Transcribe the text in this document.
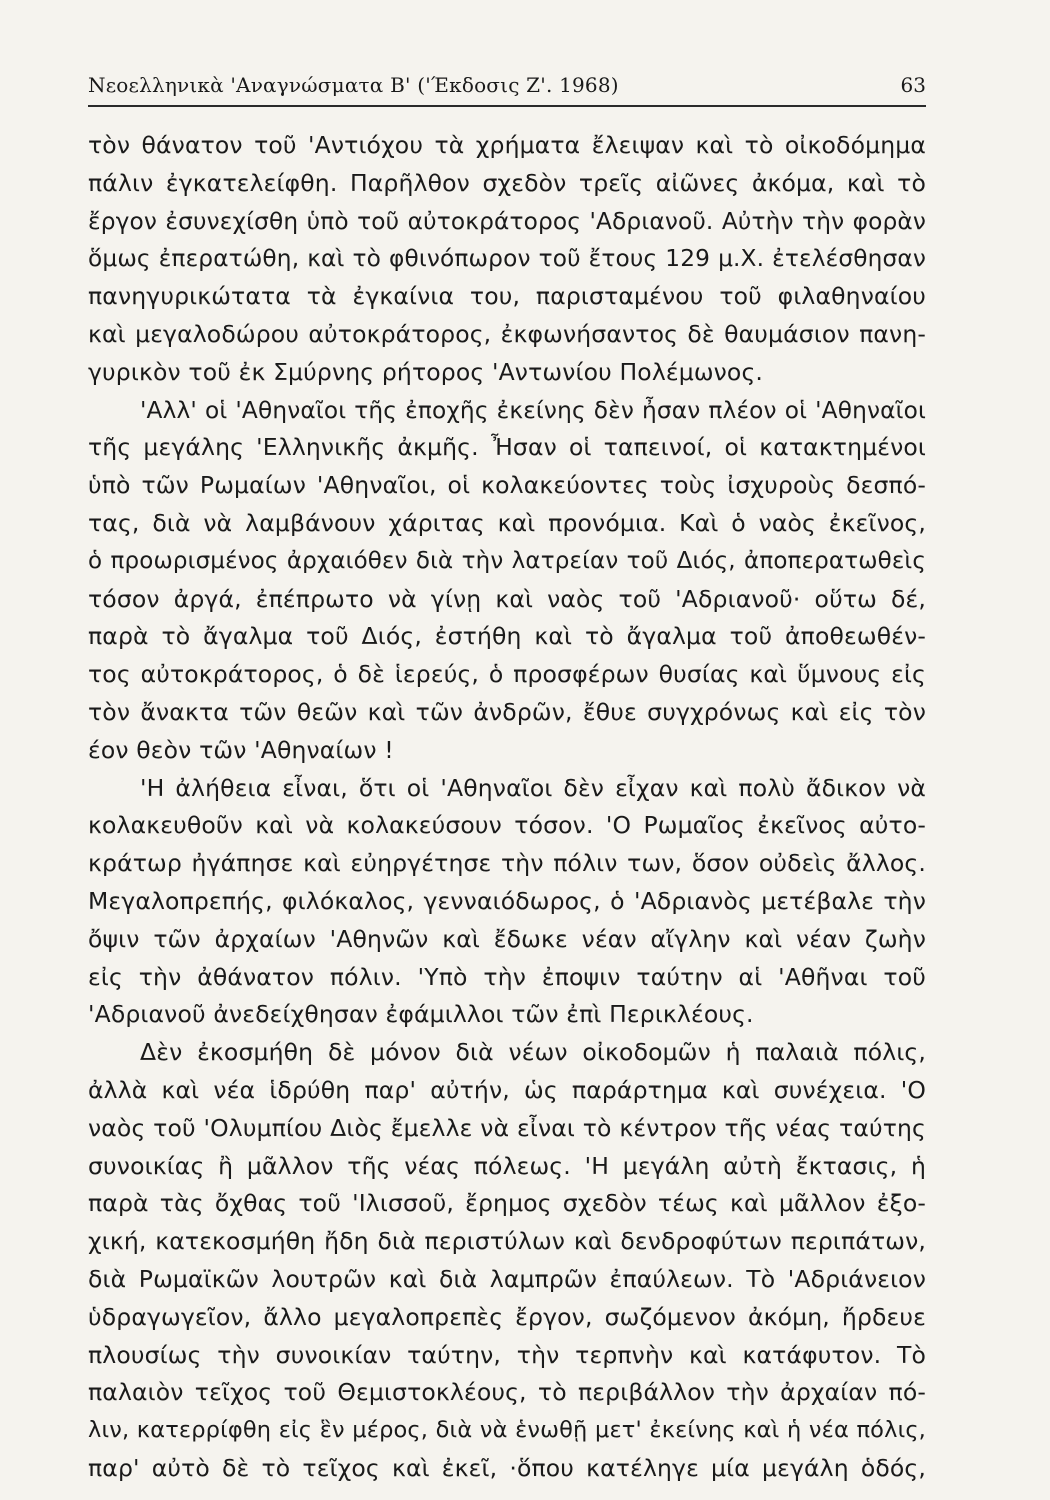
Νεοελληνικὰ 'Αναγνώσματα Β' ('Έκδοσις Ζ'. 1968)	63
τὸν θάνατον τοῦ 'Αντιόχου τὰ χρήματα ἔλειψαν καὶ τὸ οἰκοδόμημα
πάλιν ἐγκατελείφθη. Παρῆλθον σχεδὸν τρεῖς αἰῶνες ἀκόμα, καὶ τὸ
ἔργον ἐσυνεχίσθη ὑπὸ τοῦ αὐτοκράτορος 'Αδριανοῦ. Αὐτὴν τὴν φορὰν
ὅμως ἐπερατώθη, καὶ τὸ φθινόπωρον τοῦ ἔτους 129 μ.Χ. ἐτελέσθησαν
πανηγυρικώτατα τὰ ἐγκαίνια του, παρισταμένου τοῦ φιλαθηναίου
καὶ μεγαλοδώρου αὐτοκράτορος, ἐκφωνήσαντος δὲ θαυμάσιον πανη-
γυρικὸν τοῦ ἐκ Σμύρνης ρήτορος 'Αντωνίου Πολέμωνος.
'Αλλ' οἱ 'Αθηναῖοι τῆς ἐποχῆς ἐκείνης δὲν ἦσαν πλέον οἱ 'Αθηναῖοι
τῆς μεγάλης 'Ελληνικῆς ἀκμῆς. Ἦσαν οἱ ταπεινοί, οἱ κατακτημένοι
ὑπὸ τῶν Ρωμαίων 'Αθηναῖοι, οἱ κολακεύοντες τοὺς ἰσχυροὺς δεσπό-
τας, διὰ νὰ λαμβάνουν χάριτας καὶ προνόμια. Καὶ ὁ ναὸς ἐκεῖνος,
ὁ προωρισμένος ἀρχαιόθεν διὰ τὴν λατρείαν τοῦ Διός, ἀποπερατωθεὶς
τόσον ἀργά, ἐπέπρωτο νὰ γίνῃ καὶ ναὸς τοῦ 'Αδριανοῦ· οὕτω δέ,
παρὰ τὸ ἄγαλμα τοῦ Διός, ἐστήθη καὶ τὸ ἄγαλμα τοῦ ἀποθεωθέν-
τος αὐτοκράτορος, ὁ δὲ ἱερεύς, ὁ προσφέρων θυσίας καὶ ὕμνους εἰς
τὸν ἄνακτα τῶν θεῶν καὶ τῶν ἀνδρῶν, ἔθυε συγχρόνως καὶ εἰς τὸν
έον θεὸν τῶν 'Αθηναίων !
'Η ἀλήθεια εἶναι, ὅτι οἱ 'Αθηναῖοι δὲν εἶχαν καὶ πολὺ ἄδικον νὰ
κολακευθοῦν καὶ νὰ κολακεύσουν τόσον. 'Ο Ρωμαῖος ἐκεῖνος αὐτο-
κράτωρ ἠγάπησε καὶ εὐηργέτησε τὴν πόλιν των, ὅσον οὐδεὶς ἄλλος.
Μεγαλοπρεπής, φιλόκαλος, γενναιόδωρος, ὁ 'Αδριανὸς μετέβαλε τὴν
ὄψιν τῶν ἀρχαίων 'Αθηνῶν καὶ ἔδωκε νέαν αἴγλην καὶ νέαν ζωὴν
εἰς τὴν ἀθάνατον πόλιν. 'Υπὸ τὴν ἐποψιν ταύτην αἱ 'Αθῆναι τοῦ
'Αδριανοῦ ἀνεδείχθησαν ἐφάμιλλοι τῶν ἐπὶ Περικλέους.
Δὲν ἐκοσμήθη δὲ μόνον διὰ νέων οἰκοδομῶν ἡ παλαιὰ πόλις,
ἀλλὰ καὶ νέα ἱδρύθη παρ' αὐτήν, ὡς παράρτημα καὶ συνέχεια. 'Ο
ναὸς τοῦ 'Ολυμπίου Διὸς ἔμελλε νὰ εἶναι τὸ κέντρον τῆς νέας ταύτης
συνοικίας ἢ μᾶλλον τῆς νέας πόλεως. 'Η μεγάλη αὐτὴ ἔκτασις, ἡ
παρὰ τὰς ὄχθας τοῦ 'Ιλισσοῦ, ἔρημος σχεδὸν τέως καὶ μᾶλλον ἐξο-
χική, κατεκοσμήθη ἤδη διὰ περιστύλων καὶ δενδροφύτων περιπάτων,
διὰ Ρωμαϊκῶν λουτρῶν καὶ διὰ λαμπρῶν ἐπαύλεων. Τὸ 'Αδριάνειον
ὑδραγωγεῖον, ἄλλο μεγαλοπρεπὲς ἔργον, σωζόμενον ἀκόμη, ἤρδευε
πλουσίως τὴν συνοικίαν ταύτην, τὴν τερπνὴν καὶ κατάφυτον. Τὸ
παλαιὸν τεῖχος τοῦ Θεμιστοκλέους, τὸ περιβάλλον τὴν ἀρχαίαν πό-
λιν, κατερρίφθη εἰς ἓν μέρος, διὰ νὰ ἑνωθῇ μετ' ἐκείνης καὶ ἡ νέα πόλις,
παρ' αὐτὸ δὲ τὸ τεῖχος καὶ ἐκεῖ, ·ὅπου κατέληγε μία μεγάλη ὁδός,
